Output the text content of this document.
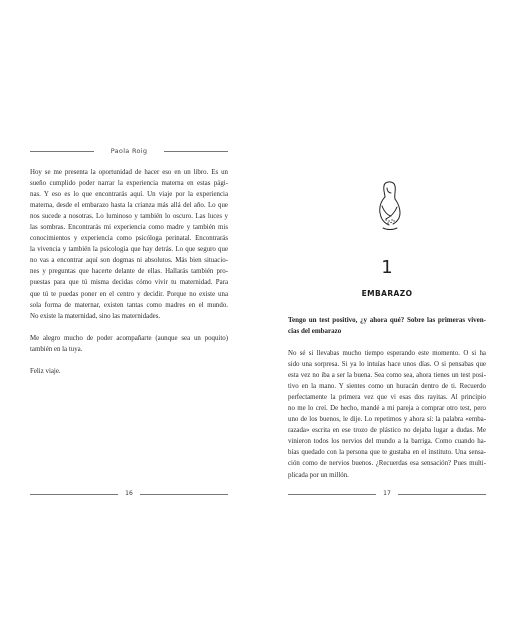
Paola Roig
Hoy se me presenta la oportunidad de hacer eso en un libro. Es un
sueño cumplido poder narrar la experiencia materna en estas pági-
nas. Y eso es lo que encontrarás aquí. Un viaje por la experiencia
materna, desde el embarazo hasta la crianza más allá del año. Lo que
nos sucede a nosotras. Lo luminoso y también lo oscuro. Las luces y
las sombras. Encontrarás mi experiencia como madre y también mis
conocimientos y experiencia como psicóloga perinatal. Encontrarás
la vivencia y también la psicología que hay detrás. Lo que seguro que
no vas a encontrar aquí son dogmas ni absolutos. Más bien situacio-
nes y preguntas que hacerte delante de ellas. Hallarás también pro-
puestas para que tú misma decidas cómo vivir tu maternidad. Para
que tú te puedas poner en el centro y decidir. Porque no existe una
sola forma de maternar, existen tantas como madres en el mundo.
No existe la maternidad, sino las maternidades.
Me alegro mucho de poder acompañarte (aunque sea un poquito)
también en la tuya.
Feliz viaje.
16
1
EMBARAZO
Tengo un test positivo, ¿y ahora qué? Sobre las primeras viven-
cias del embarazo
No sé si llevabas mucho tiempo esperando este momento. O si ha
sido una sorpresa. Si ya lo intuías hace unos días. O si pensabas que
esta vez no iba a ser la buena. Sea como sea, ahora tienes un test posi-
tivo en la mano. Y sientes como un huracán dentro de ti. Recuerdo
perfectamente la primera vez que vi esas dos rayitas. Al principio
no me lo creí. De hecho, mandé a mi pareja a comprar otro test, pero
uno de los buenos, le dije. Lo repetimos y ahora sí: la palabra «emba-
razada» escrita en ese trozo de plástico no dejaba lugar a dudas. Me
vinieron todos los nervios del mundo a la barriga. Como cuando ha-
bías quedado con la persona que te gustaba en el instituto. Una sensa-
ción como de nervios buenos. ¿Recuerdas esa sensación? Pues multi-
plicada por un millón.
17
